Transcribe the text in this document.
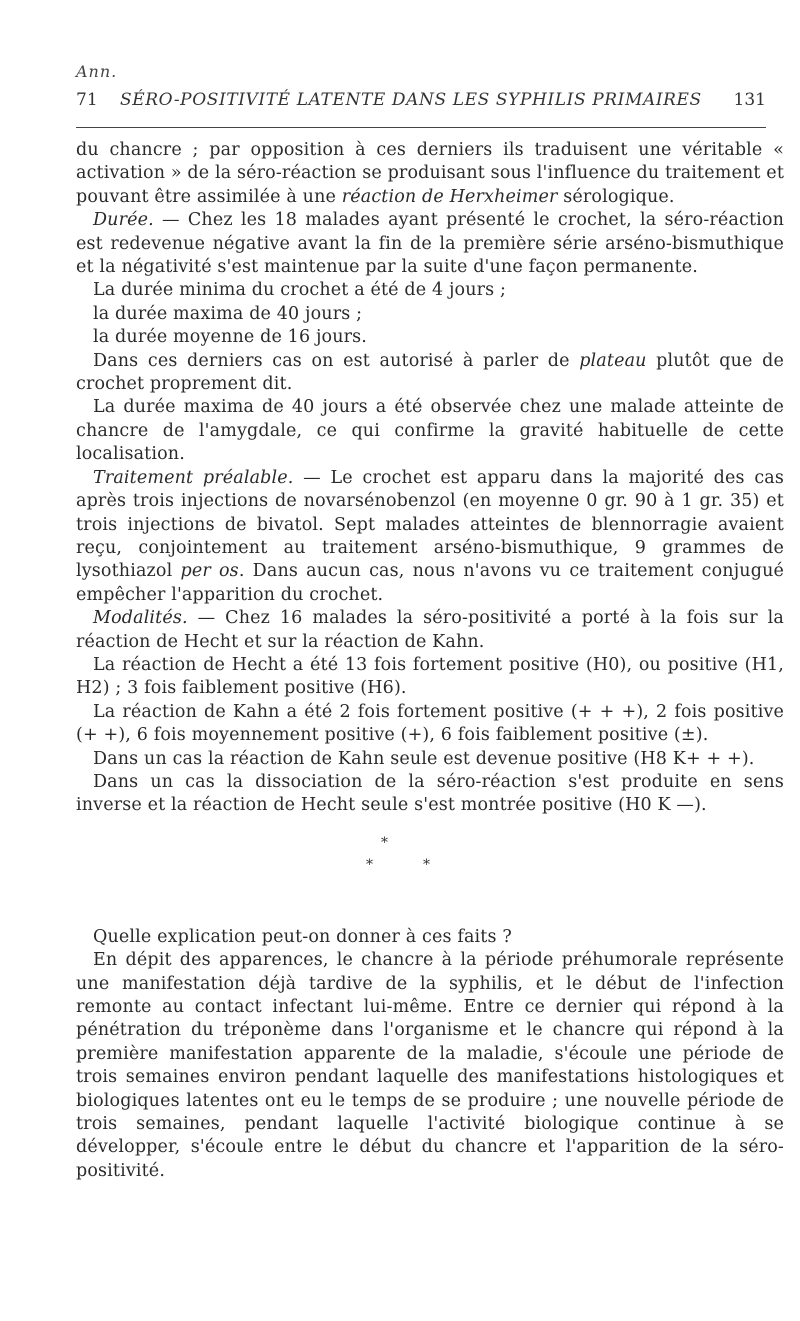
Ann.
71 SÉRO-POSITIVITÉ LATENTE DANS LES SYPHILIS PRIMAIRES 131

du chancre ; par opposition à ces derniers ils traduisent une véritable « activation » de la séro-réaction se produisant sous l'influence du traitement et pouvant être assimilée à une réaction de Herxheimer sérologique.

Durée. — Chez les 18 malades ayant présenté le crochet, la séro-réaction est redevenue négative avant la fin de la première série arséno-bismuthique et la négativité s'est maintenue par la suite d'une façon permanente.

La durée minima du crochet a été de 4 jours ;

la durée maxima de 40 jours ;

la durée moyenne de 16 jours.

Dans ces derniers cas on est autorisé à parler de plateau plutôt que de crochet proprement dit.

La durée maxima de 40 jours a été observée chez une malade atteinte de chancre de l'amygdale, ce qui confirme la gravité habituelle de cette localisation.

Traitement préalable. — Le crochet est apparu dans la majorité des cas après trois injections de novarsénobenzol (en moyenne 0 gr. 90 à 1 gr. 35) et trois injections de bivatol. Sept malades atteintes de blennorragie avaient reçu, conjointement au traitement arséno-bismuthique, 9 grammes de lysothiazol per os. Dans aucun cas, nous n'avons vu ce traitement conjugué empêcher l'apparition du crochet.

Modalités. — Chez 16 malades la séro-positivité a porté à la fois sur la réaction de Hecht et sur la réaction de Kahn.

La réaction de Hecht a été 13 fois fortement positive (H0), ou positive (H1, H2) ; 3 fois faiblement positive (H6).

La réaction de Kahn a été 2 fois fortement positive (+ + +), 2 fois positive (+ +), 6 fois moyennement positive (+), 6 fois faiblement positive (±).

Dans un cas la réaction de Kahn seule est devenue positive (H8 K+ + +).

Dans un cas la dissociation de la séro-réaction s'est produite en sens inverse et la réaction de Hecht seule s'est montrée positive (H0 K —).

*
*	*

Quelle explication peut-on donner à ces faits ?

En dépit des apparences, le chancre à la période préhumorale représente une manifestation déjà tardive de la syphilis, et le début de l'infection remonte au contact infectant lui-même. Entre ce dernier qui répond à la pénétration du tréponème dans l'organisme et le chancre qui répond à la première manifestation apparente de la maladie, s'écoule une période de trois semaines environ pendant laquelle des manifestations histologiques et biologiques latentes ont eu le temps de se produire ; une nouvelle période de trois semaines, pendant laquelle l'activité biologique continue à se développer, s'écoule entre le début du chancre et l'apparition de la séro-positivité.
